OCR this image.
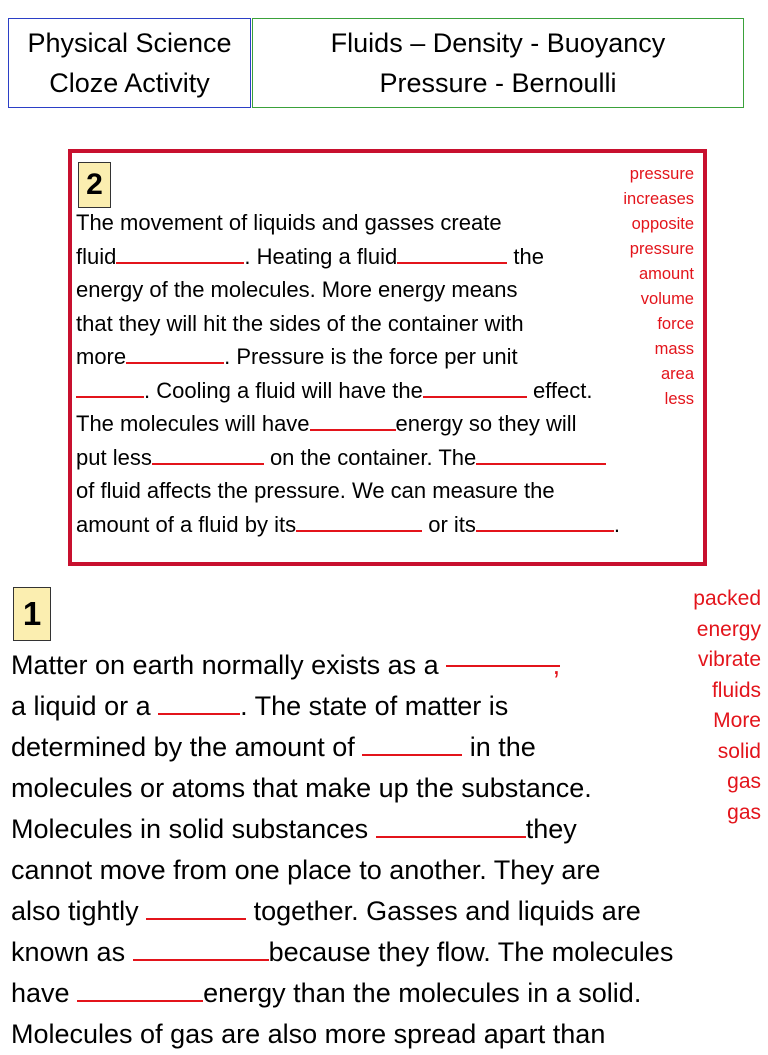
Physical Science
Cloze Activity
Fluids – Density - Buoyancy
Pressure - Bernoulli
2	pressure
increases
opposite
pressure
amount
volume
force
mass
area
less

The movement of liquids and gasses create
fluid	. Heating a fluid	the
energy of the molecules. More energy means
that they will hit the sides of the container with
more	. Pressure is the force per unit
. Cooling a fluid will have the	effect.
The molecules will have	energy so they will
put less	on the container. The
of fluid affects the pressure. We can measure the
amount of a fluid by its	or its	.

1	packed
energy
vibrate
fluids
More
solid
gas
gas

Matter on earth normally exists as a	,
a liquid or a	. The state of matter is
determined by the amount of	in the
molecules or atoms that make up the substance.
Molecules in solid substances	they
cannot move from one place to another. They are
also tightly	together. Gasses and liquids are
known as	because they flow. The molecules
have	energy than the molecules in a solid.
Molecules of gas are also more spread apart than
